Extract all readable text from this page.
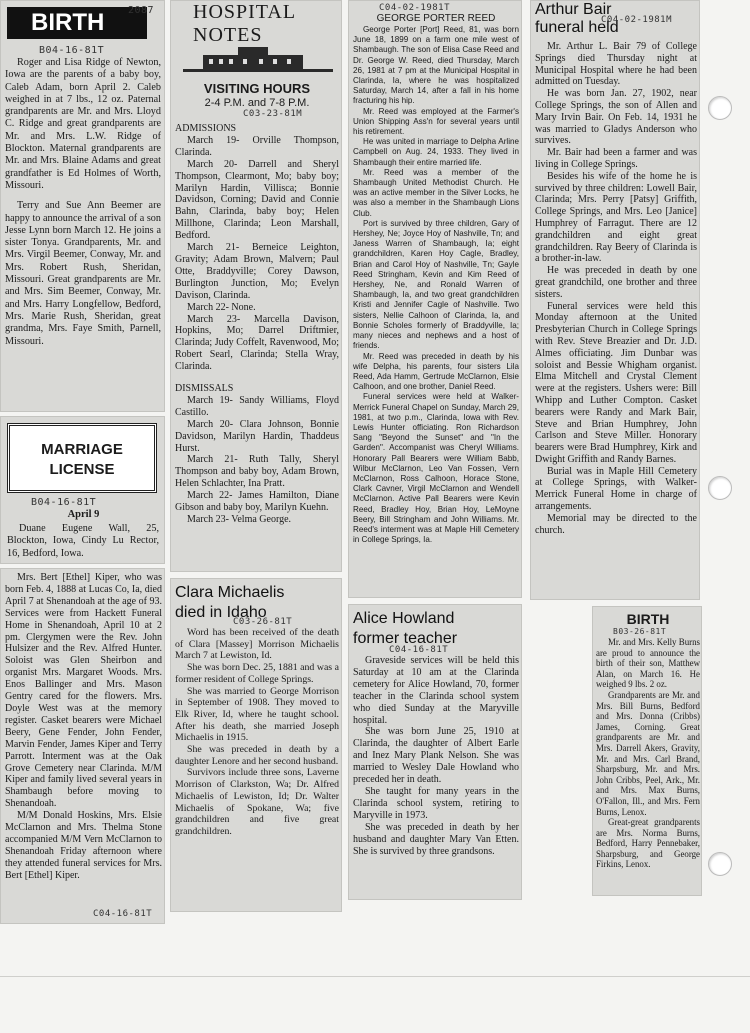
BIRTH	2087
B04-16-81T

Roger and Lisa Ridge of Newton, Iowa are the parents of a baby boy, Caleb Adam, born April 2. Caleb weighed in at 7 lbs., 12 oz. Paternal grandparents are Mr. and Mrs. Lloyd C. Ridge and great grandparents are Mr. and Mrs. L.W. Ridge of Blockton. Maternal grandparents are Mr. and Mrs. Blaine Adams and great grandfather is Ed Holmes of Worth, Missouri.

Terry and Sue Ann Beemer are happy to announce the arrival of a son Jesse Lynn born March 12. He joins a sister Tonya. Grandparents, Mr. and Mrs. Virgil Beemer, Conway, Mr. and Mrs. Robert Rush, Sheridan, Missouri. Great grandparents are Mr. and Mrs. Sim Beemer, Conway, Mr. and Mrs. Harry Longfellow, Bedford, Mrs. Marie Rush, Sheridan, great grandma, Mrs. Faye Smith, Parnell, Missouri.

MARRIAGE
LICENSE
B04-16-81T
April 9

Duane Eugene Wall, 25, Blockton, Iowa, Cindy Lu Rector, 16, Bedford, Iowa.

Mrs. Bert [Ethel] Kiper, who was born Feb. 4, 1888 at Lucas Co, Ia, died April 7 at Shenandoah at the age of 93. Services were from Hackett Funeral Home in Shenandoah, April 10 at 2 pm. Clergymen were the Rev. John Hulsizer and the Rev. Alfred Hunter. Soloist was Glen Sheirbon and organist Mrs. Margaret Woods. Mrs. Enos Ballinger and Mrs. Mason Gentry cared for the flowers. Mrs. Doyle West was at the memory register. Casket bearers were Michael Beery, Gene Fender, John Fender, Marvin Fender, James Kiper and Terry Parrott. Interment was at the Oak Grove Cemetery near Clarinda. M/M Kiper and family lived several years in Shambaugh before moving to Shenandoah.

M/M Donald Hoskins, Mrs. Elsie McClarnon and Mrs. Thelma Stone accompanied M/M Vern McClarnon to Shenandoah Friday afternoon where they attended funeral services for Mrs. Bert [Ethel] Kiper.

C04-16-81T
HOSPITAL NOTES
VISITING HOURS
2-4 P.M. and 7-8 P.M.
C03-23-81M
ADMISSIONS

March 19- Orville Thompson, Clarinda.

March 20- Darrell and Sheryl Thompson, Clearmont, Mo; baby boy; Marilyn Hardin, Villisca; Bonnie Davidson, Corning; David and Connie Bahn, Clarinda, baby boy; Helen Millhone, Clarinda; Leon Marshall, Bedford.

March 21- Berneice Leighton, Gravity; Adam Brown, Malvern; Paul Otte, Braddyville; Corey Dawson, Burlington Junction, Mo; Evelyn Davison, Clarinda.

March 22- None.

March 23- Marcella Davison, Hopkins, Mo; Darrel Driftmier, Clarinda; Judy Coffelt, Ravenwood, Mo; Robert Searl, Clarinda; Stella Wray, Clarinda.

DISMISSALS

March 19- Sandy Williams, Floyd Castillo.

March 20- Clara Johnson, Bonnie Davidson, Marilyn Hardin, Thaddeus Hurst.

March 21- Ruth Tally, Sheryl Thompson and baby boy, Adam Brown, Helen Schlachter, Ina Pratt.

March 22- James Hamilton, Diane Gibson and baby boy, Marilyn Kuehn.

March 23- Velma George.

Clara Michaelis
died in Idaho
C03-26-81T

Word has been received of the death of Clara [Massey] Morrison Michaelis March 7 at Lewiston, Id.

She was born Dec. 25, 1881 and was a former resident of College Springs.

She was married to George Morrison in September of 1908. They moved to Elk River, Id, where he taught school. After his death, she married Joseph Michaelis in 1915.

She was preceded in death by a daughter Lenore and her second husband.

Survivors include three sons, Laverne Morrison of Clarkston, Wa; Dr. Alfred Michaelis of Lewiston, Id; Dr. Walter Michaelis of Spokane, Wa; five grandchildren and five great grandchildren.

C04-02-1981T
GEORGE PORTER REED

George Porter [Port] Reed, 81, was born June 18, 1899 on a farm one mile west of Shambaugh. The son of Elisa Case Reed and Dr. George W. Reed, died Thursday, March 26, 1981 at 7 pm at the Municipal Hospital in Clarinda, Ia, where he was hospitalized Saturday, March 14, after a fall in his home fracturing his hip.

Mr. Reed was employed at the Farmer's Union Shipping Ass'n for several years until his retirement.

He was united in marriage to Delpha Arline Campbell on Aug. 24, 1933. They lived in Shambaugh their entire married life.

Mr. Reed was a member of the Shambaugh United Methodist Church. He was an active member in the Silver Locks, he was also a member in the Shambaugh Lions Club.

Port is survived by three children, Gary of Hershey, Ne; Joyce Hoy of Nashville, Tn; and Janess Warren of Shambaugh, Ia; eight grandchildren, Karen Hoy Cagle, Bradley, Brian and Carol Hoy of Nashville, Tn; Gayle Reed Stringham, Kevin and Kim Reed of Hershey, Ne, and Ronald Warren of Shambaugh, Ia, and two great grandchildren Kristi and Jennifer Cagle of Nashville. Two sisters, Nellie Calhoon of Clarinda, Ia, and Bonnie Scholes formerly of Braddyville, Ia; many nieces and nephews and a host of friends.

Mr. Reed was preceded in death by his wife Delpha, his parents, four sisters Lila Reed, Ada Hamm, Gertrude McClarnon, Elsie Calhoon, and one brother, Daniel Reed.

Funeral services were held at Walker-Merrick Funeral Chapel on Sunday, March 29, 1981, at two p.m., Clarinda, Iowa with Rev. Lewis Hunter officiating. Ron Richardson Sang "Beyond the Sunset" and "In the Garden". Accompanist was Cheryl Williams. Honorary Pall Bearers were William Babb, Wilbur McClarnon, Leo Van Fossen, Vern McClarnon, Ross Calhoon, Horace Stone, Clark Cavner, Virgil McClarnon and Wendell McClarnon. Active Pall Bearers were Kevin Reed, Bradley Hoy, Brian Hoy, LeMoyne Beery, Bill Stringham and John Williams. Mr. Reed's interment was at Maple Hill Cemetery in College Springs, Ia.

Alice Howland
former teacher
C04-16-81T

Graveside services will be held this Saturday at 10 am at the Clarinda cemetery for Alice Howland, 70, former teacher in the Clarinda school system who died Sunday at the Maryville hospital.

She was born June 25, 1910 at Clarinda, the daughter of Albert Earle and Inez Mary Plank Nelson. She was married to Wesley Dale Howland who preceded her in death.

She taught for many years in the Clarinda school system, retiring to Maryville in 1973.

She was preceded in death by her husband and daughter Mary Van Etten. She is survived by three grandsons.

Arthur Bair
funeral held
C04-02-1981M

Mr. Arthur L. Bair 79 of College Springs died Thursday night at Municipal Hospital where he had been admitted on Tuesday.

He was born Jan. 27, 1902, near College Springs, the son of Allen and Mary Irvin Bair. On Feb. 14, 1931 he was married to Gladys Anderson who survives.

Mr. Bair had been a farmer and was living in College Springs.

Besides his wife of the home he is survived by three children: Lowell Bair, Clarinda; Mrs. Perry [Patsy] Griffith, College Springs, and Mrs. Leo [Janice] Humphrey of Farragut. There are 12 grandchildren and eight great grandchildren. Ray Beery of Clarinda is a brother-in-law.

He was preceded in death by one great grandchild, one brother and three sisters.

Funeral services were held this Monday afternoon at the United Presbyterian Church in College Springs with Rev. Steve Breazier and Dr. J.D. Almes officiating. Jim Dunbar was soloist and Bessie Whigham organist. Elma Mitchell and Crystal Clement were at the registers. Ushers were: Bill Whipp and Luther Compton. Casket bearers were Randy and Mark Bair, Steve and Brian Humphrey, John Carlson and Steve Miller. Honorary bearers were Brad Humphrey, Kirk and Dwight Griffith and Randy Barnes.

Burial was in Maple Hill Cemetery at College Springs, with Walker-Merrick Funeral Home in charge of arrangements.

Memorial may be directed to the church.

BIRTH
B03-26-81T

Mr. and Mrs. Kelly Burns are proud to announce the birth of their son, Matthew Alan, on March 16. He weighed 9 lbs. 2 oz.

Grandparents are Mr. and Mrs. Bill Burns, Bedford and Mrs. Donna (Cribbs) James, Corning. Great grandparents are Mr. and Mrs. Darrell Akers, Gravity, Mr. and Mrs. Carl Brand, Sharpsburg, Mr. and Mrs. John Cribbs, Peel, Ark., Mr. and Mrs. Max Burns, O'Fallon, Ill., and Mrs. Fern Burns, Lenox.

Great-great grandparents are Mrs. Norma Burns, Bedford, Harry Pennebaker, Sharpsburg, and George Firkins, Lenox.
